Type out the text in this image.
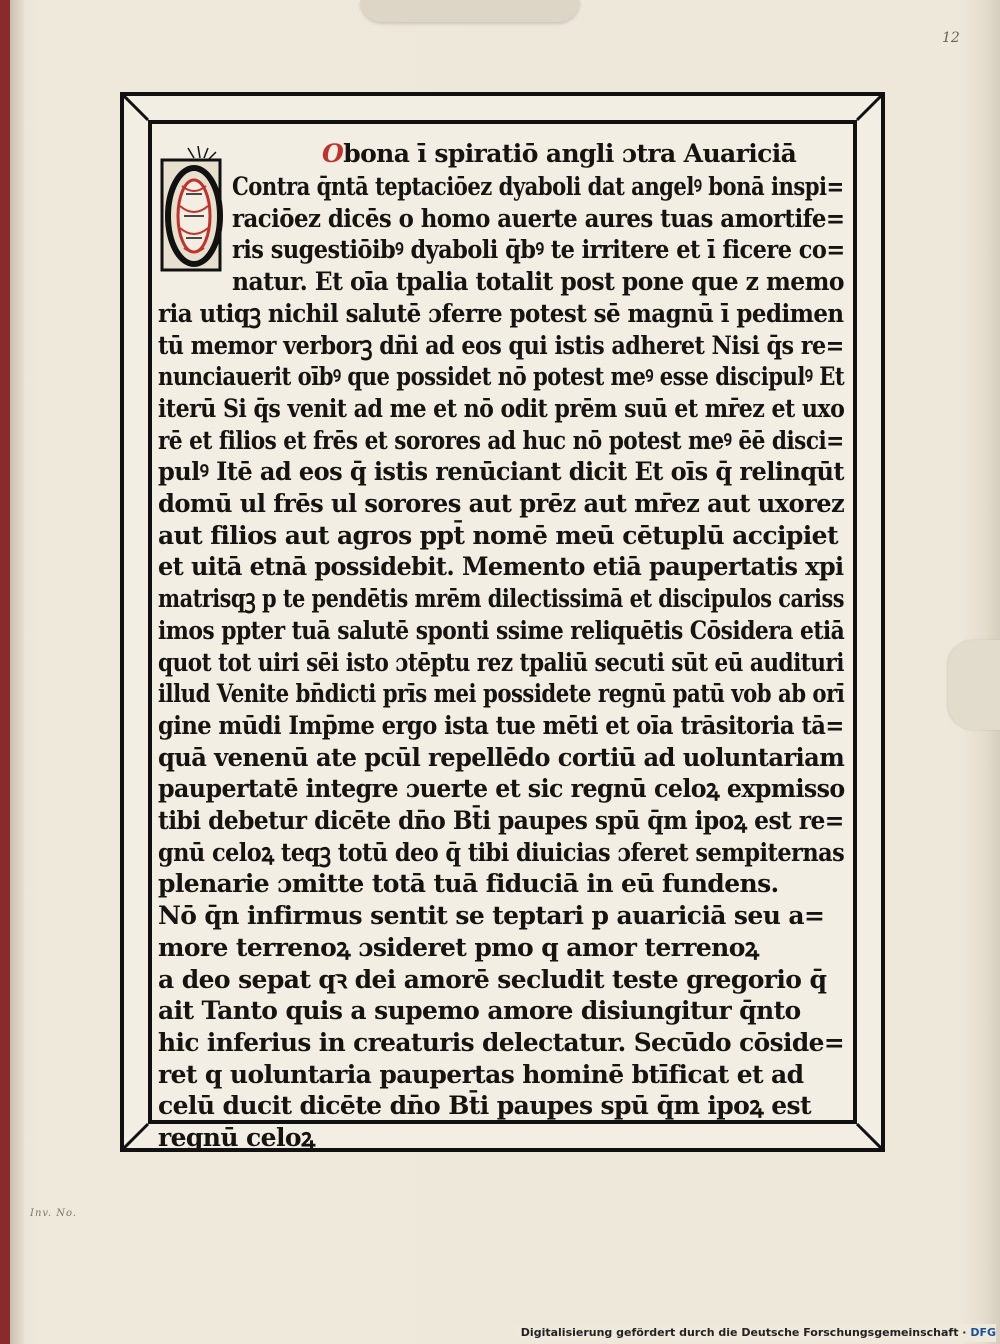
12
Inv. No.
Obona ī spiratiō angli ɔtra Auariciā
Contra q̄ntā teptaciōez dyaboli dat angelꝰ bonā inspi=
raciōez dicēs o homo auerte aures tuas amortife=
ris sugestiōibꝰ dyaboli q̄bꝰ te irritere et ī ficere co=
natur. Et oīa tpalia totalit post pone que z memo
ria utiqꝫ nichil salutē ɔferre potest sē magnū ī pedimen
tū memor verborꝫ dn̄i ad eos qui istis adheret Nisi q̄s re=
nunciauerit oībꝰ que possidet nō potest meꝰ esse discipulꝰ Et
iterū Si q̄s venit ad me et nō odit prēm suū et mr̄ez et uxo
rē et filios et frēs et sorores ad huc nō potest meꝰ ēē disci=
pulꝰ Itē ad eos q̄ istis renūciant dicit Et oīs q̄ relinqūt
domū ul frēs ul sorores aut prēz aut mr̄ez aut uxorez
aut filios aut agros ppt̄ nomē meū cētuplū accipiet
et uitā etnā possidebit. Memento etiā paupertatis xpi
matrisqꝫ p te pendētis mrēm dilectissimā et discipulos cariss
imos ppter tuā salutē sponti ssime reliquētis Cōsidera etiā
quot tot uiri sēi isto ɔtēptu rez tpaliū secuti sūt eū audituri
illud Venite bn̄dicti prīs mei possidete regnū patū vob ab orī
gine mūdi Imp̄me ergo ista tue mēti et oīa trāsitoria tā=
quā venenū ate pcūl repellēdo cortiū ad uoluntariam
paupertatē integre ɔuerte et sic regnū celoꝝ expmisso
tibi debetur dicēte dn̄o Bt̄i paupes spū q̄m ipoꝝ est re=
gnū celoꝝ teqꝫ totū deo q̄ tibi diuicias ɔferet sempiternas
plenarie ɔmitte totā tuā fiduciā in eū fundens.
Nō q̄n infirmus sentit se teptari p auariciā seu a=
more terrenoꝝ ɔsideret pmo q amor terrenoꝝ
a deo sepat qꝛ dei amorē secludit teste gregorio q̄
ait Tanto quis a supemo amore disiungitur q̄nto
hic inferius in creaturis delectatur. Secūdo cōside=
ret q uoluntaria paupertas hominē btīficat et ad
celū ducit dicēte dn̄o Bt̄i paupes spū q̄m ipoꝝ est
regnū celoꝝ
Digitalisierung gefördert durch die Deutsche Forschungsgemeinschaft · DFG
